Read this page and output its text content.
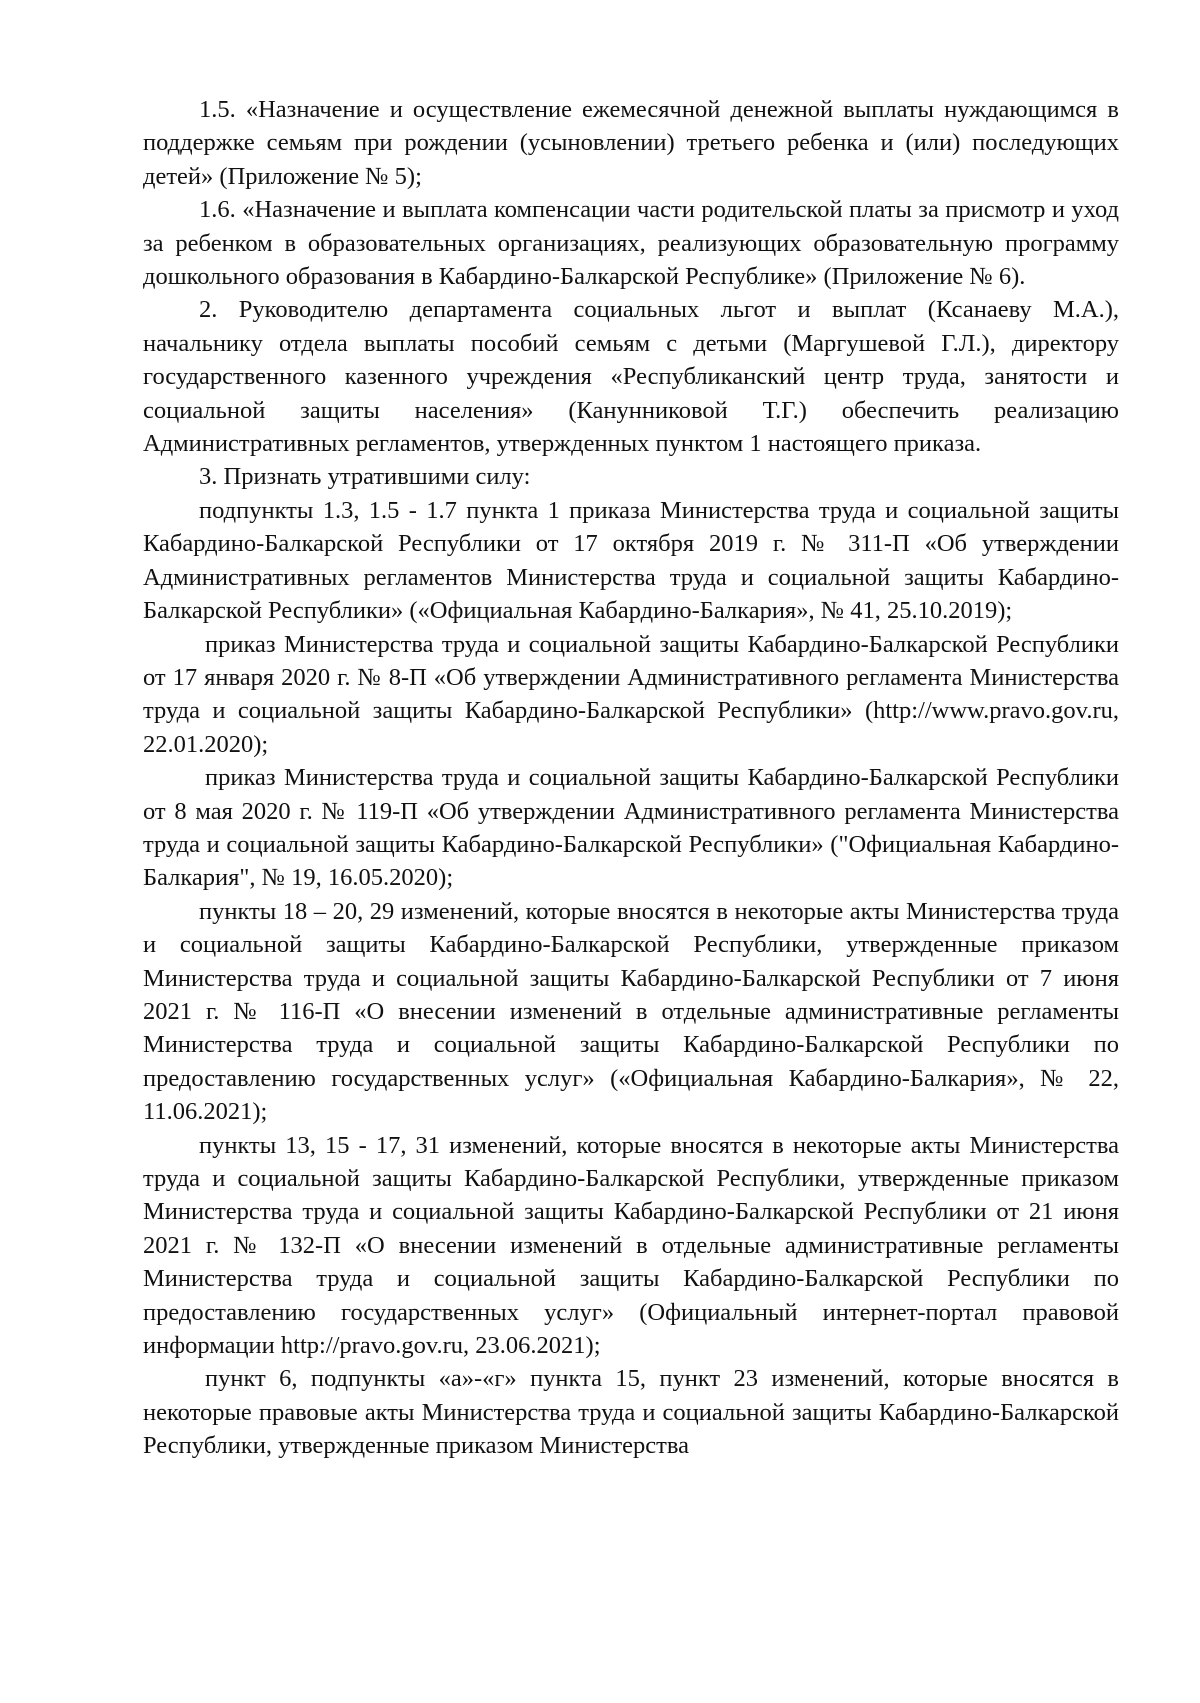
1.5. «Назначение и осуществление ежемесячной денежной выплаты нуждающимся в поддержке семьям при рождении (усыновлении) третьего ребенка и (или) последующих детей» (Приложение № 5);

1.6. «Назначение и выплата компенсации части родительской платы за присмотр и уход за ребенком в образовательных организациях, реализующих образовательную программу дошкольного образования в Кабардино-Балкарской Республике» (Приложение № 6).

2. Руководителю департамента социальных льгот и выплат (Ксанаеву М.А.), начальнику отдела выплаты пособий семьям с детьми (Маргушевой Г.Л.), директору государственного казенного учреждения «Республиканский центр труда, занятости и социальной защиты населения» (Канунниковой Т.Г.) обеспечить реализацию Административных регламентов, утвержденных пунктом 1 настоящего приказа.

3. Признать утратившими силу:

подпункты 1.3, 1.5 - 1.7 пункта 1 приказа Министерства труда и социальной защиты Кабардино-Балкарской Республики от 17 октября 2019 г. № 311-П «Об утверждении Административных регламентов Министерства труда и социальной защиты Кабардино-Балкарской Республики» («Официальная Кабардино-Балкария», № 41, 25.10.2019);

приказ Министерства труда и социальной защиты Кабардино-Балкарской Республики от 17 января 2020 г. № 8-П «Об утверждении Административного регламента Министерства труда и социальной защиты Кабардино-Балкарской Республики» (http://www.pravo.gov.ru, 22.01.2020);

приказ Министерства труда и социальной защиты Кабардино-Балкарской Республики от 8 мая 2020 г. № 119-П «Об утверждении Административного регламента Министерства труда и социальной защиты Кабардино-Балкарской Республики» ("Официальная Кабардино-Балкария", № 19, 16.05.2020);

пункты 18 – 20, 29 изменений, которые вносятся в некоторые акты Министерства труда и социальной защиты Кабардино-Балкарской Республики, утвержденные приказом Министерства труда и социальной защиты Кабардино-Балкарской Республики от 7 июня 2021 г. № 116-П «О внесении изменений в отдельные административные регламенты Министерства труда и социальной защиты Кабардино-Балкарской Республики по предоставлению государственных услуг» («Официальная Кабардино-Балкария», № 22, 11.06.2021);

пункты 13, 15 - 17, 31 изменений, которые вносятся в некоторые акты Министерства труда и социальной защиты Кабардино-Балкарской Республики, утвержденные приказом Министерства труда и социальной защиты Кабардино-Балкарской Республики от 21 июня 2021 г. № 132-П «О внесении изменений в отдельные административные регламенты Министерства труда и социальной защиты Кабардино-Балкарской Республики по предоставлению государственных услуг» (Официальный интернет-портал правовой информации http://pravo.gov.ru, 23.06.2021);

пункт 6, подпункты «а»-«г» пункта 15, пункт 23 изменений, которые вносятся в некоторые правовые акты Министерства труда и социальной защиты Кабардино-Балкарской Республики, утвержденные приказом Министерства
